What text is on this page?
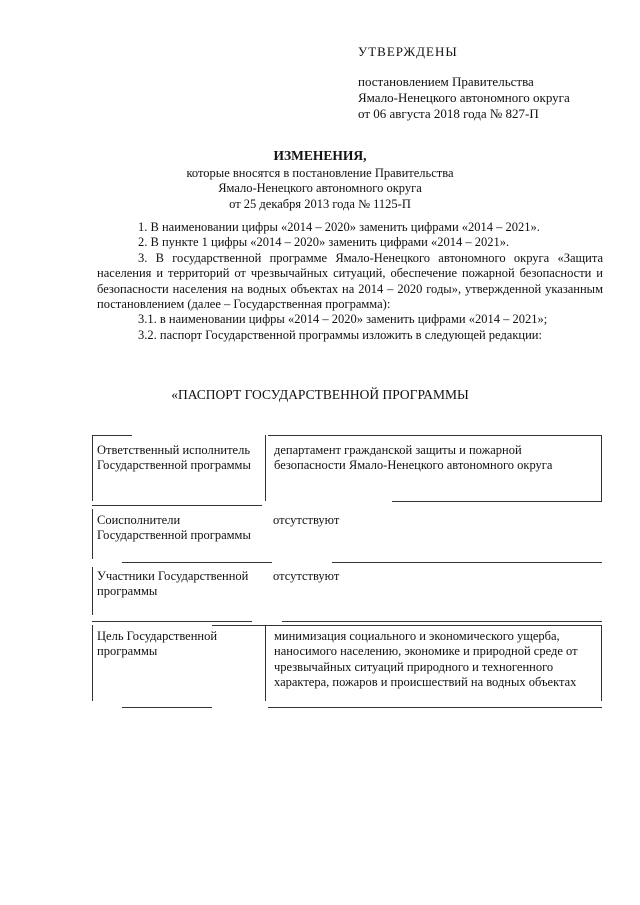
УТВЕРЖДЕНЫ
постановлением Правительства
Ямало-Ненецкого автономного округа
от 06 августа 2018 года № 827-П
ИЗМЕНЕНИЯ,
которые вносятся в постановление Правительства
Ямало-Ненецкого автономного округа
от 25 декабря 2013 года № 1125-П

1. В наименовании цифры «2014 – 2020» заменить цифрами «2014 – 2021».

2. В пункте 1 цифры «2014 – 2020» заменить цифрами «2014 – 2021».

3. В государственной программе Ямало-Ненецкого автономного округа «Защита населения и территорий от чрезвычайных ситуаций, обеспечение пожарной безопасности и безопасности населения на водных объектах на 2014 – 2020 годы», утвержденной указанным постановлением (далее – Государственная программа):

3.1. в наименовании цифры «2014 – 2020» заменить цифрами «2014 – 2021»;

3.2. паспорт Государственной программы изложить в следующей редакции:

«ПАСПОРТ ГОСУДАРСТВЕННОЙ ПРОГРАММЫ
Ответственный исполнитель Государственной программы
департамент гражданской защиты и пожарной безопасности Ямало-Ненецкого автономного округа
Соисполнители Государственной программы
отсутствуют
Участники Государственной программы
отсутствуют
Цель Государственной программы
минимизация социального и экономического ущерба, наносимого населению, экономике и природной среде от чрезвычайных ситуаций природного и техногенного характера, пожаров и происшествий на водных объектах
